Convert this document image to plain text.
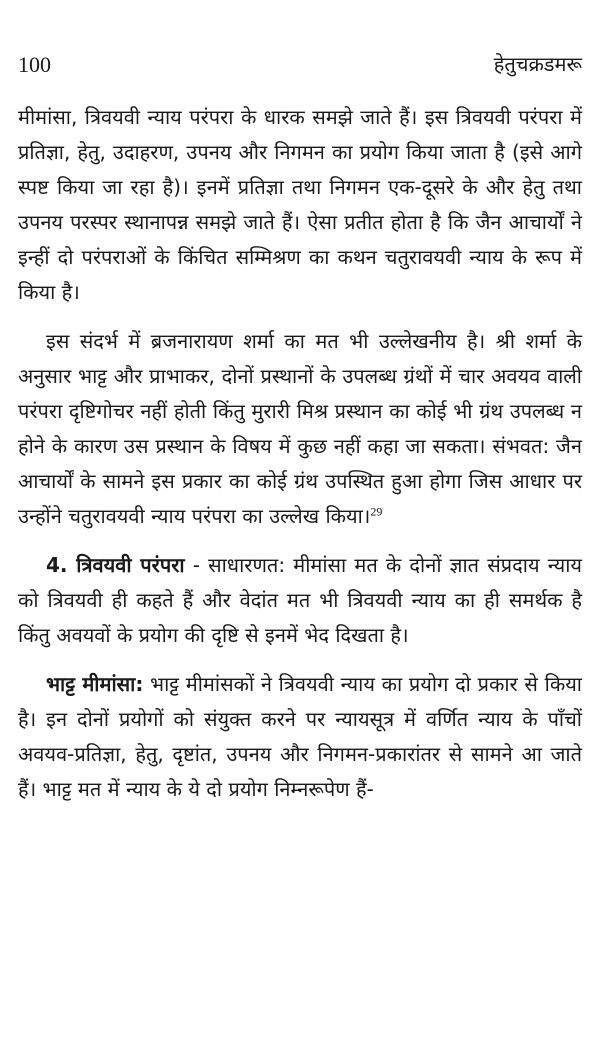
100	हेतुचक्रडमरू

मीमांसा, त्रिवयवी न्याय परंपरा के धारक समझे जाते हैं। इस त्रिवयवी परंपरा में प्रतिज्ञा, हेतु, उदाहरण, उपनय और निगमन का प्रयोग किया जाता है (इसे आगे स्पष्ट किया जा रहा है)। इनमें प्रतिज्ञा तथा निगमन एक-दूसरे के और हेतु तथा उपनय परस्पर स्थानापन्न समझे जाते हैं। ऐसा प्रतीत होता है कि जैन आचार्यों ने इन्हीं दो परंपराओं के किंचित सम्मिश्रण का कथन चतुरावयवी न्याय के रूप में किया है।

इस संदर्भ में ब्रजनारायण शर्मा का मत भी उल्लेखनीय है। श्री शर्मा के अनुसार भाट्ट और प्राभाकर, दोनों प्रस्थानों के उपलब्ध ग्रंथों में चार अवयव वाली परंपरा दृष्टिगोचर नहीं होती किंतु मुरारी मिश्र प्रस्थान का कोई भी ग्रंथ उपलब्ध न होने के कारण उस प्रस्थान के विषय में कुछ नहीं कहा जा सकता। संभवत: जैन आचार्यों के सामने इस प्रकार का कोई ग्रंथ उपस्थित हुआ होगा जिस आधार पर उन्होंने चतुरावयवी न्याय परंपरा का उल्लेख किया।$^{29}$

4. त्रिवयवी परंपरा - साधारणत: मीमांसा मत के दोनों ज्ञात संप्रदाय न्याय को त्रिवयवी ही कहते हैं और वेदांत मत भी त्रिवयवी न्याय का ही समर्थक है किंतु अवयवों के प्रयोग की दृष्टि से इनमें भेद दिखता है।

भाट्ट मीमांसा: भाट्ट मीमांसकों ने त्रिवयवी न्याय का प्रयोग दो प्रकार से किया है। इन दोनों प्रयोगों को संयुक्त करने पर न्यायसूत्र में वर्णित न्याय के पाँचों अवयव-प्रतिज्ञा, हेतु, दृष्टांत, उपनय और निगमन-प्रकारांतर से सामने आ जाते हैं। भाट्ट मत में न्याय के ये दो प्रयोग निम्नरूपेण हैं-
